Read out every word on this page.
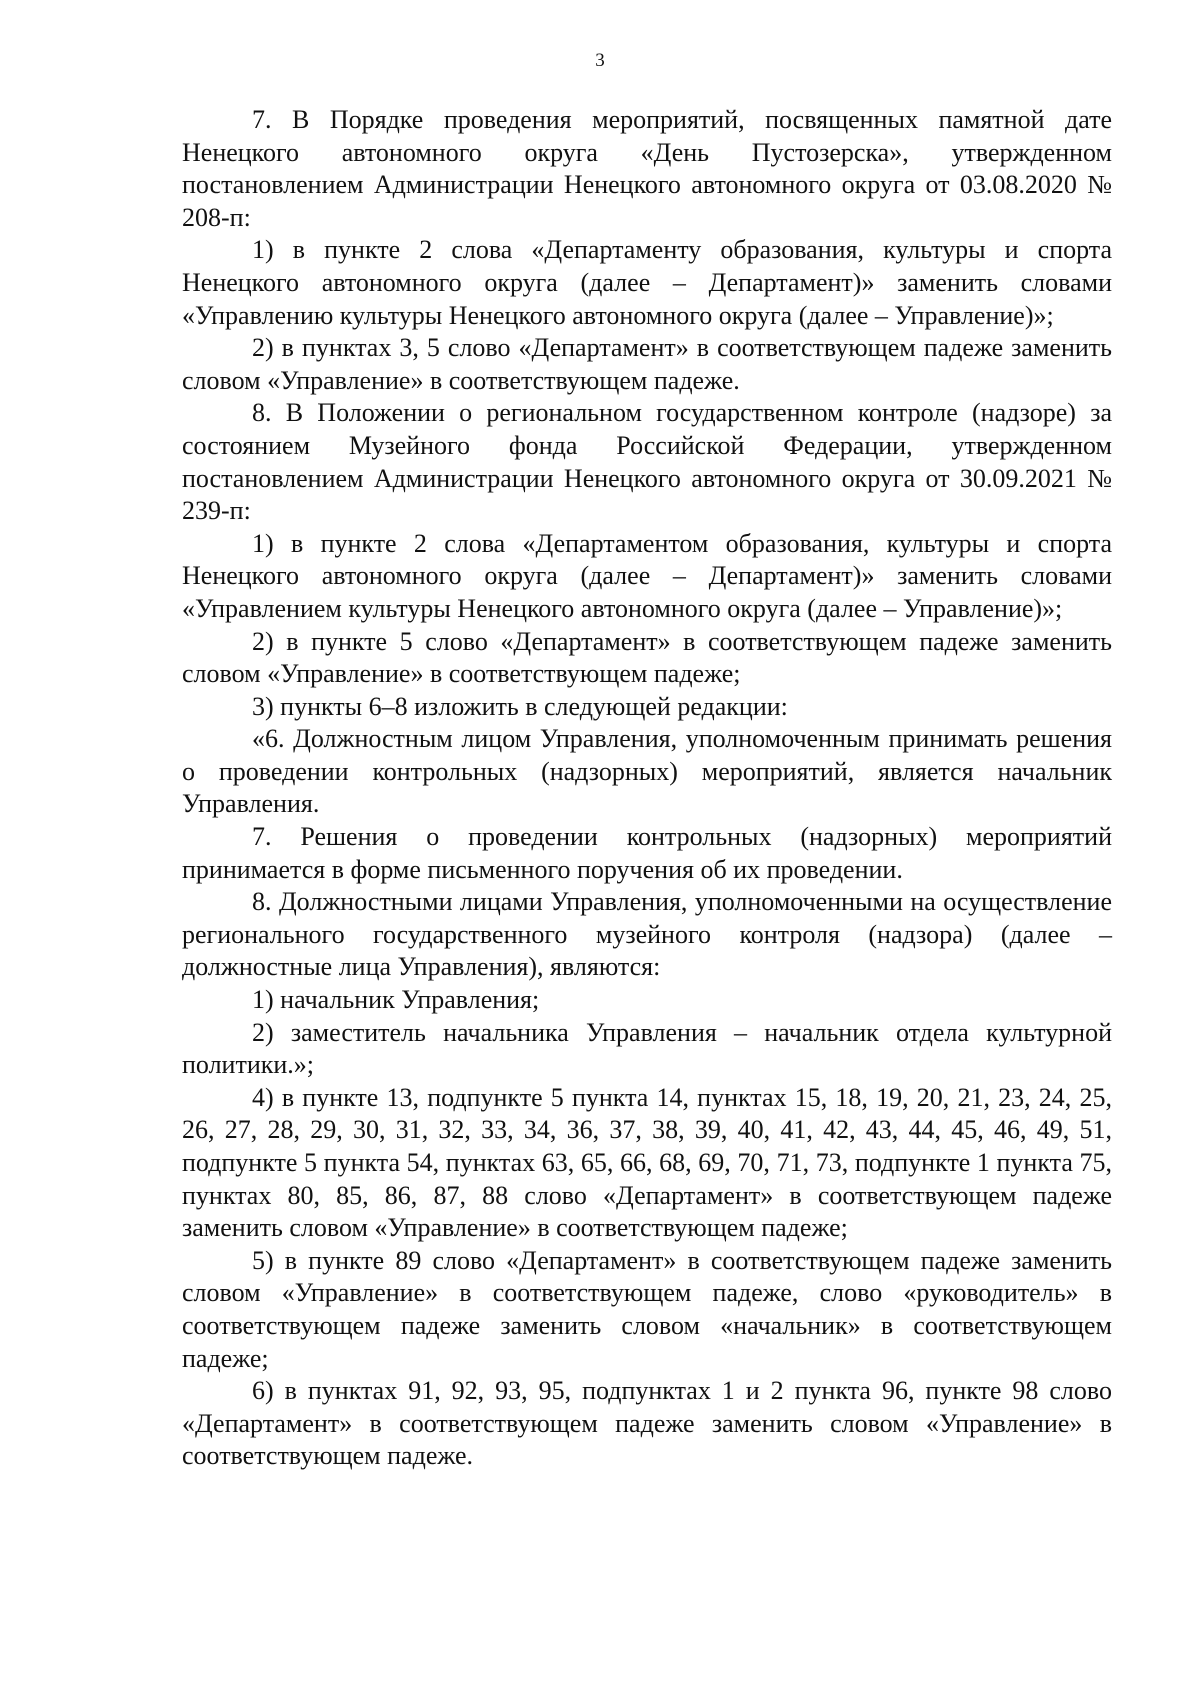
3

7. В Порядке проведения мероприятий, посвященных памятной дате Ненецкого автономного округа «День Пустозерска», утвержденном постановлением Администрации Ненецкого автономного округа от 03.08.2020 № 208-п:

1) в пункте 2 слова «Департаменту образования, культуры и спорта Ненецкого автономного округа (далее – Департамент)» заменить словами «Управлению культуры Ненецкого автономного округа (далее – Управление)»;

2) в пунктах 3, 5 слово «Департамент» в соответствующем падеже заменить словом «Управление» в соответствующем падеже.

8. В Положении о региональном государственном контроле (надзоре) за состоянием Музейного фонда Российской Федерации, утвержденном постановлением Администрации Ненецкого автономного округа от 30.09.2021 № 239-п:

1) в пункте 2 слова «Департаментом образования, культуры и спорта Ненецкого автономного округа (далее – Департамент)» заменить словами «Управлением культуры Ненецкого автономного округа (далее – Управление)»;

2) в пункте 5 слово «Департамент» в соответствующем падеже заменить словом «Управление» в соответствующем падеже;

3) пункты 6–8 изложить в следующей редакции:

«6. Должностным лицом Управления, уполномоченным принимать решения о проведении контрольных (надзорных) мероприятий, является начальник Управления.

7. Решения о проведении контрольных (надзорных) мероприятий принимается в форме письменного поручения об их проведении.

8. Должностными лицами Управления, уполномоченными на осуществление регионального государственного музейного контроля (надзора) (далее – должностные лица Управления), являются:

1) начальник Управления;

2) заместитель начальника Управления – начальник отдела культурной политики.»;

4) в пункте 13, подпункте 5 пункта 14, пунктах 15, 18, 19, 20, 21, 23, 24, 25, 26, 27, 28, 29, 30, 31, 32, 33, 34, 36, 37, 38, 39, 40, 41, 42, 43, 44, 45, 46, 49, 51, подпункте 5 пункта 54, пунктах 63, 65, 66, 68, 69, 70, 71, 73, подпункте 1 пункта 75, пунктах 80, 85, 86, 87, 88 слово «Департамент» в соответствующем падеже заменить словом «Управление» в соответствующем падеже;

5) в пункте 89 слово «Департамент» в соответствующем падеже заменить словом «Управление» в соответствующем падеже, слово «руководитель» в соответствующем падеже заменить словом «начальник» в соответствующем падеже;

6) в пунктах 91, 92, 93, 95, подпунктах 1 и 2 пункта 96, пункте 98 слово «Департамент» в соответствующем падеже заменить словом «Управление» в соответствующем падеже.
